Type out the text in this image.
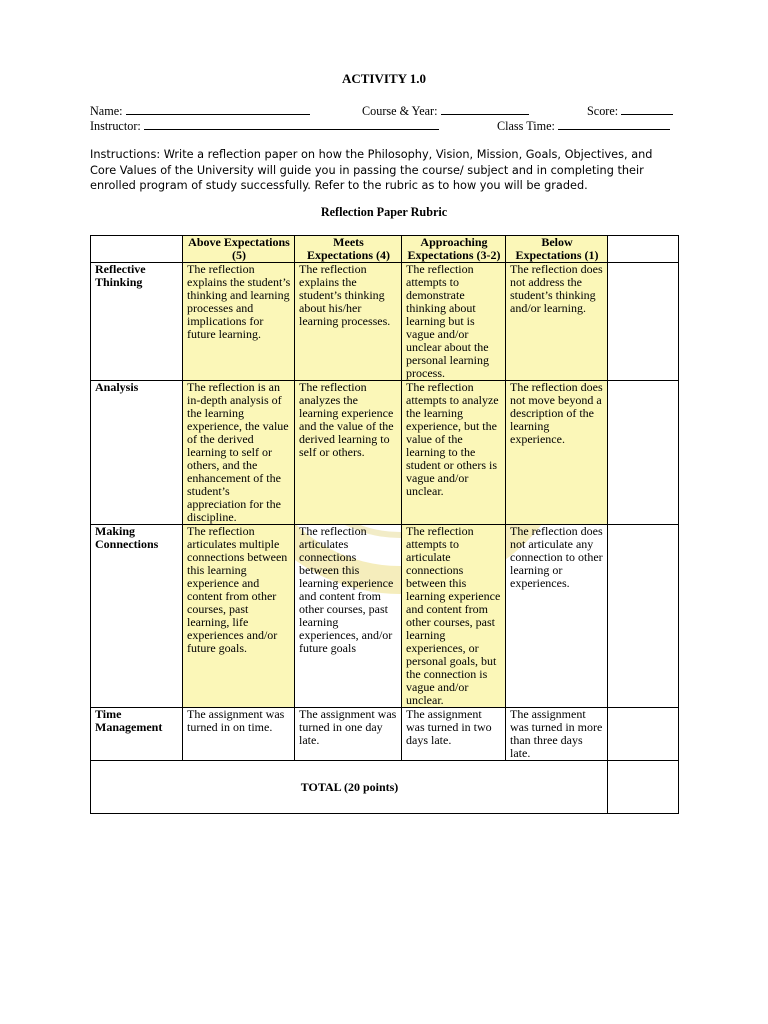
ACTIVITY 1.0
Name:	Course & Year:	Score:
Instructor:	Class Time:
Instructions: Write a reflection paper on how the Philosophy, Vision, Mission, Goals, Objectives, and Core Values of the University will guide you in passing the course/ subject and in completing their enrolled program of study successfully. Refer to the rubric as to how you will be graded.
Reflection Paper Rubric
	Above Expectations (5)	Meets Expectations (4)	Approaching Expectations (3-2)	Below Expectations (1)	
Reflective Thinking	The reflection explains the student’s thinking and learning processes and implications for future learning.	The reflection explains the student’s thinking about his/her learning processes.	The reflection attempts to demonstrate thinking about learning but is vague and/or unclear about the personal learning process.	The reflection does not address the student’s thinking and/or learning.	
Analysis	The reflection is an in-depth analysis of the learning experience, the value of the derived learning to self or others, and the enhancement of the student’s appreciation for the discipline.	The reflection analyzes the learning experience and the value of the derived learning to self or others.	The reflection attempts to analyze the learning experience, but the value of the learning to the student or others is vague and/or unclear.	The reflection does not move beyond a description of the learning experience.	
Making Connections	The reflection articulates multiple connections between this learning experience and content from other courses, past learning, life experiences and/or future goals.	The reflection articulates connections between this learning experience and content from other courses, past learning experiences, and/or future goals	The reflection attempts to articulate connections between this learning experience and content from other courses, past learning experiences, or personal goals, but the connection is vague and/or unclear.	The reflection does not articulate any connection to other learning or experiences.	
Time Management	The assignment was turned in on time.	The assignment was turned in one day late.	The assignment was turned in two days late.	The assignment was turned in more than three days late.	
TOTAL (20 points)					
